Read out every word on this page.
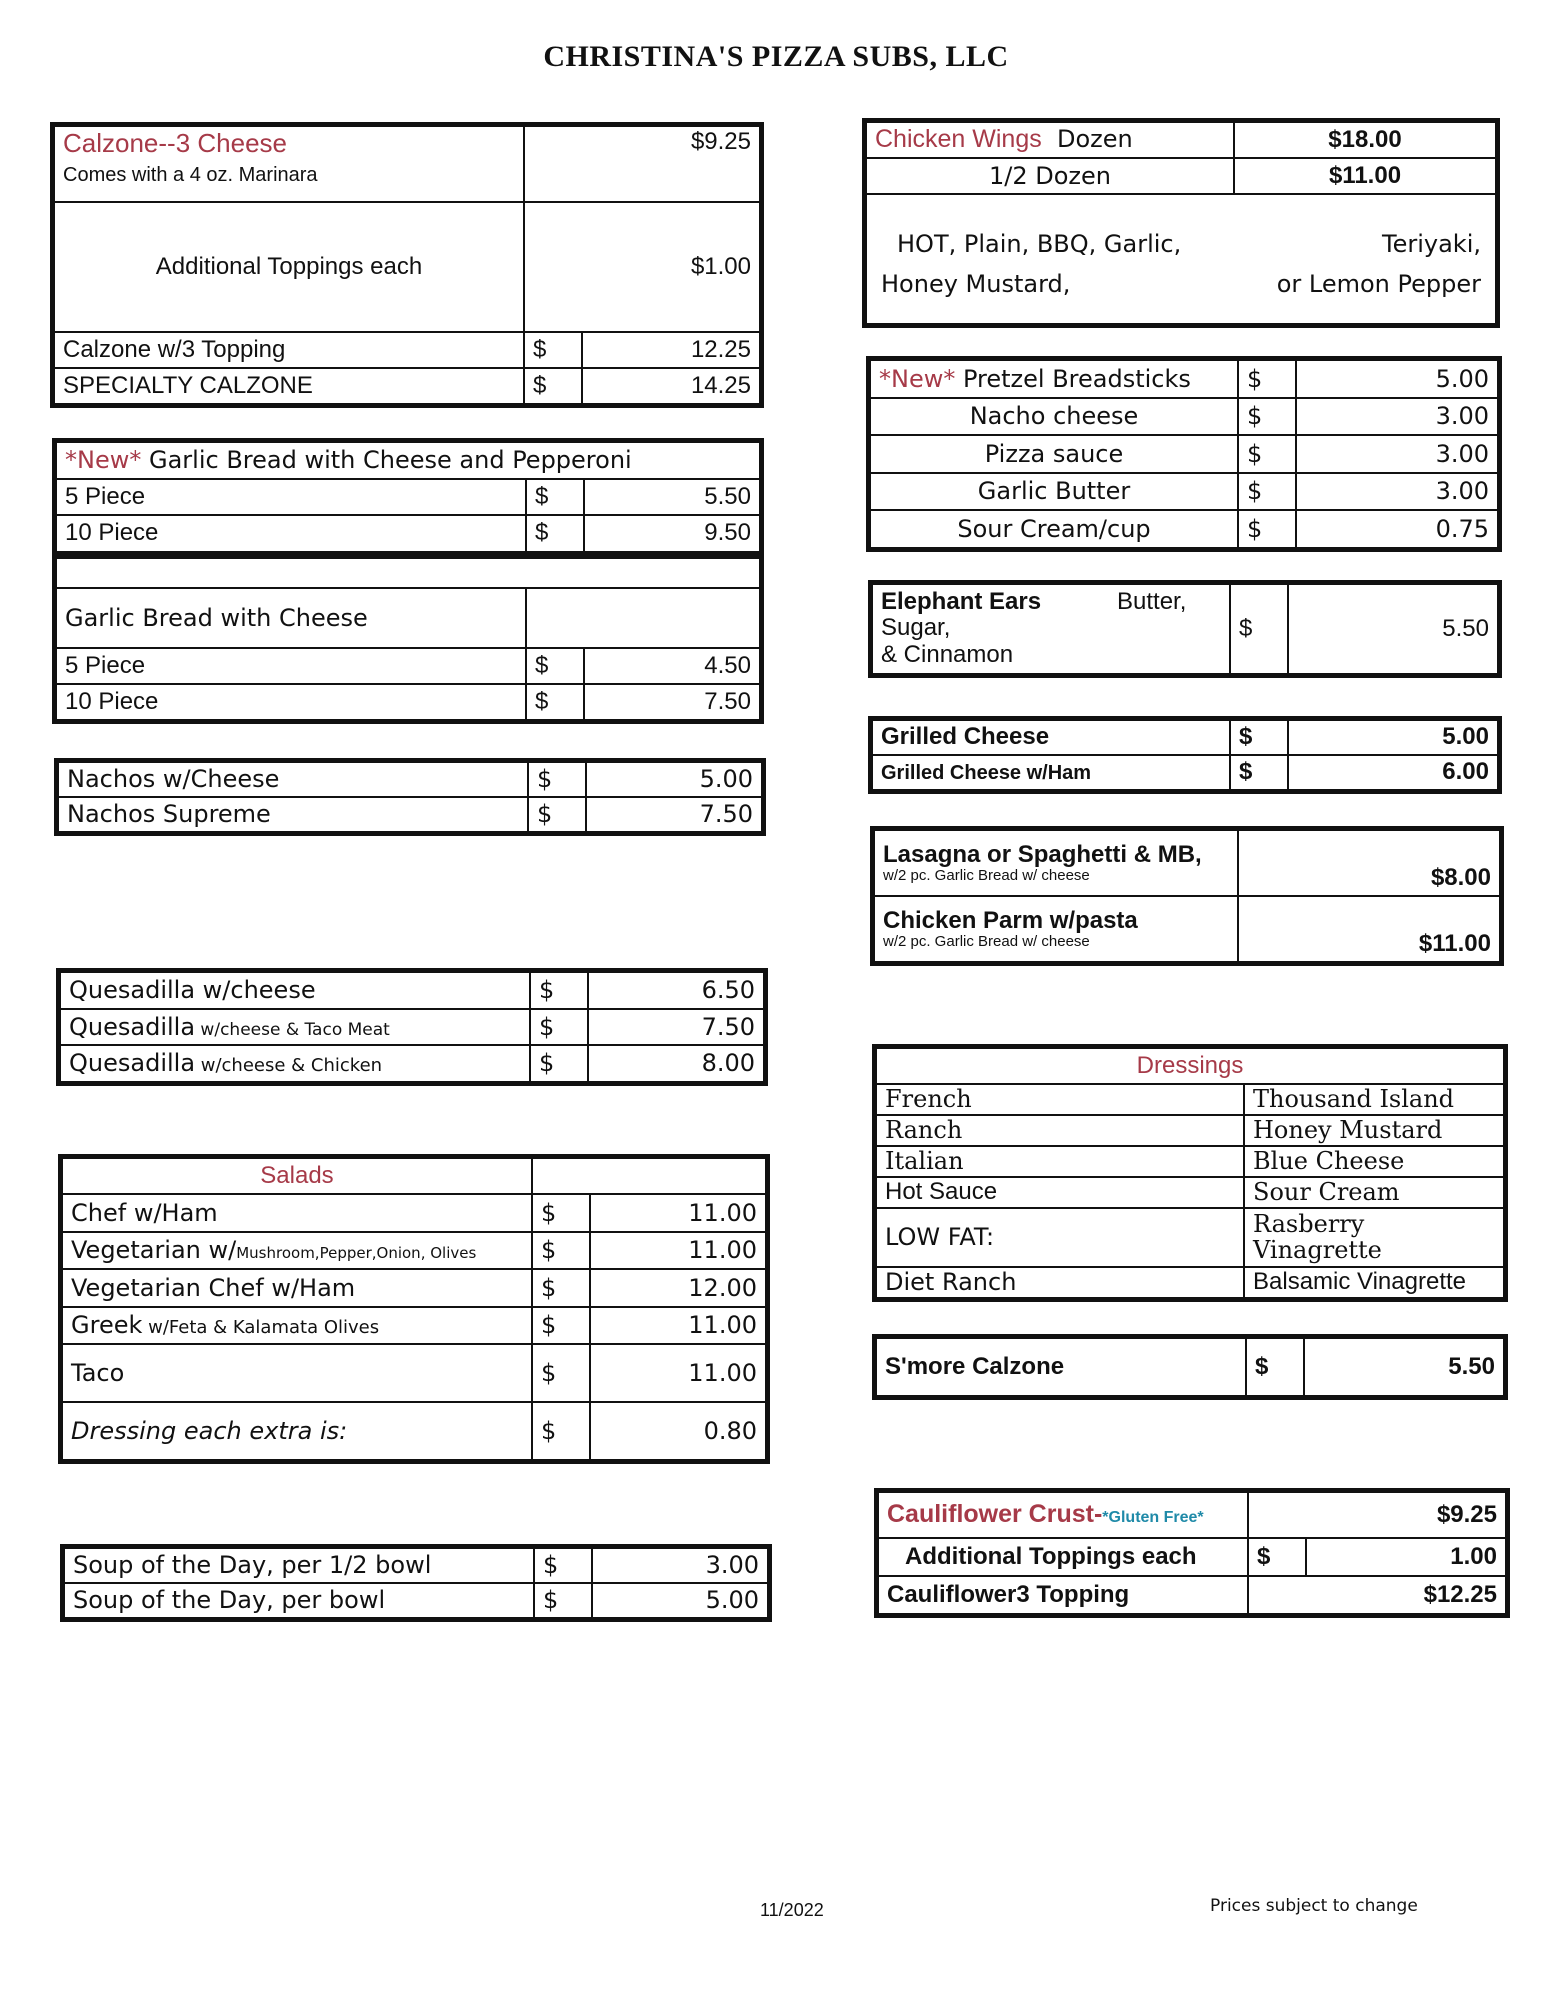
CHRISTINA'S PIZZA SUBS, LLC
Calzone--3 Cheese
Comes with a 4 oz. Marinara	$9.25	
Additional Toppings each	$1.00	
Calzone w/3 Topping	$	12.25
SPECIALTY CALZONE	$	14.25
*New* Garlic Bread with Cheese and Pepperoni		
5 Piece	$	5.50
10 Piece	$	9.50

Garlic Bread with Cheese		
5 Piece	$	4.50
10 Piece	$	7.50
Nachos w/Cheese	$	5.00
Nachos Supreme	$	7.50
Quesadilla w/cheese	$	6.50
Quesadilla w/cheese & Taco Meat	$	7.50
Quesadilla w/cheese & Chicken	$	8.00
Salads		
Chef w/Ham	$	11.00
Vegetarian w/Mushroom,Pepper,Onion, Olives	$	11.00
Vegetarian Chef w/Ham	$	12.00
Greek w/Feta & Kalamata Olives	$	11.00
Taco	$	11.00
Dressing each extra is:	$	0.80
Soup of the Day, per 1/2 bowl	$	3.00
Soup of the Day, per bowl	$	5.00
Chicken Wings Dozen	$18.00
1/2 Dozen	$11.00

HOT, Plain, BBQ, Garlic,
Honey Mustard,
Teriyaki,
or Lemon Pepper	
*New* Pretzel Breadsticks	$	5.00
Nacho cheese	$	3.00
Pizza sauce	$	3.00
Garlic Butter	$	3.00
Sour Cream/cup	$	0.75
Elephant Ears	Butter,
Sugar,
& Cinnamon
	$	5.50
Grilled Cheese	$	5.00
Grilled Cheese w/Ham	$	6.00
Lasagna or Spaghetti & MB,
w/2 pc. Garlic Bread w/ cheese	$8.00
Chicken Parm w/pasta
w/2 pc. Garlic Bread w/ cheese	$11.00
Dressings	
French	Thousand Island
Ranch	Honey Mustard
Italian	Blue Cheese
Hot Sauce	Sour Cream
LOW FAT:	Rasberry Vinagrette
Diet Ranch	Balsamic Vinagrette
S'more Calzone	$	5.50
Cauliflower Crust-*Gluten Free*	$9.25	
Additional Toppings each	$	1.00
Cauliflower3 Topping	$12.25	
11/2022	Prices subject to change
